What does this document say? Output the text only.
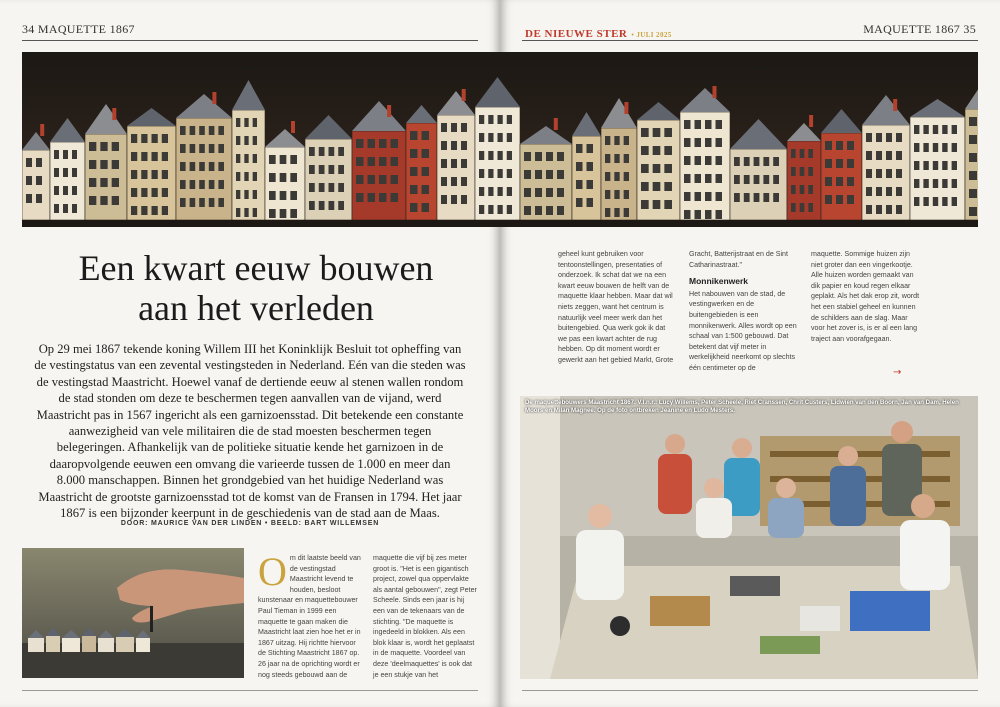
34 MAQUETTE 1867
Een kwart eeuw bouwen
aan het verleden
Op 29 mei 1867 tekende koning Willem III het Koninklijk Besluit tot opheffing van de vestingstatus van een zevental vestingsteden in Nederland. Eén van die steden was de vestingstad Maastricht. Hoewel vanaf de dertiende eeuw al stenen wallen rondom de stad stonden om deze te beschermen tegen aanvallen van de vijand, werd Maastricht pas in 1567 ingericht als een garnizoensstad. Dit betekende een constante aanwezigheid van vele militairen die de stad moesten beschermen tegen belegeringen. Afhankelijk van de politieke situatie kende het garnizoen in de daaropvolgende eeuwen een omvang die varieerde tussen de 1.000 en meer dan 8.000 manschappen. Binnen het grondgebied van het huidige Nederland was Maastricht de grootste garnizoensstad tot de komst van de Fransen in 1794. Het jaar 1867 is een bijzonder keerpunt in de geschiedenis van de stad aan de Maas.
DOOR: MAURICE VAN DER LINDEN • BEELD: BART WILLEMSEN
Om dit laatste beeld van de vestingstad Maastricht levend te houden, besloot kunstenaar en maquettebouwer Paul Tieman in 1999 een maquette te gaan maken die Maastricht laat zien hoe het er in 1867 uitzag. Hij richtte hiervoor de Stichting Maastricht 1867 op. 26 jaar na de oprichting wordt er nog steeds gebouwd aan de
maquette die vijf bij zes meter groot is. "Het is een gigantisch project, zowel qua oppervlakte als aantal gebouwen", zegt Peter Scheele. Sinds een jaar is hij een van de tekenaars van de stichting. "De maquette is ingedeeld in blokken. Als een blok klaar is, wordt het geplaatst in de maquette. Voordeel van deze 'deelmaquettes' is ook dat je een stukje van het
DE NIEUWE STER • JULI 2025	MAQUETTE 1867 35
geheel kunt gebruiken voor tentoonstellingen, presentaties of onderzoek. Ik schat dat we na een kwart eeuw bouwen de helft van de maquette klaar hebben. Maar dat wil niets zeggen, want het centrum is natuurlijk veel meer werk dan het buitengebied. Qua werk gok ik dat we pas een kwart achter de rug hebben. Op dit moment wordt er gewerkt aan het gebied Markt, Grote
Gracht, Batterijstraat en de Sint Catharinastraat."
Monnikenwerk
Het nabouwen van de stad, de vestingwerken en de buitengebieden is een monnikenwerk. Alles wordt op een schaal van 1:500 gebouwd. Dat betekent dat vijf meter in werkelijkheid neerkomt op slechts één centimeter op de
maquette. Sommige huizen zijn niet groter dan een vingerkootje. Alle huizen worden gemaakt van dik papier en koud regen elkaar geplakt. Als het dak erop zit, wordt het een stabiel geheel en kunnen de schilders aan de slag. Maar voor het zover is, is er al een lang traject aan voorafgegaan.
→
De maquettebouwers Maastricht 1867. V.l.n.r.: Lucy Willems, Peter Scheele, Riet Cranssen, Chrit Custers, Lidwien van den Boorn, Jan van Dam, Helen Moors en Milan Magnee. Op de foto ontbreken Jeanine en Ludo Mesters.
